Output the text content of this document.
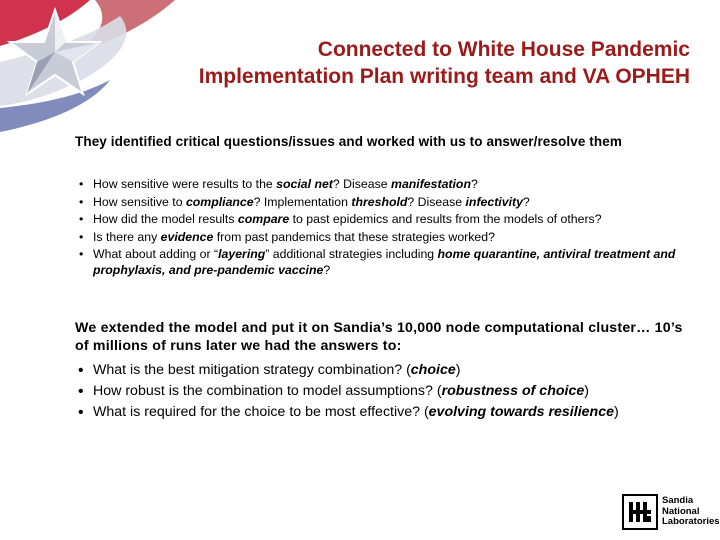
Connected to White House Pandemic
Implementation Plan writing team and VA OPHEH
They identified critical questions/issues and worked with us to answer/resolve them
• How sensitive were results to the social net? Disease manifestation?
• How sensitive to compliance? Implementation threshold? Disease infectivity?
• How did the model results compare to past epidemics and results from the models of others?
• Is there any evidence from past pandemics that these strategies worked?
• What about adding or “layering” additional strategies including home quarantine, antiviral treatment and prophylaxis, and pre-pandemic vaccine?
We extended the model and put it on Sandia’s 10,000 node computational cluster… 10’s of millions of runs later we had the answers to:
• What is the best mitigation strategy combination? (choice)
• How robust is the combination to model assumptions? (robustness of choice)
• What is required for the choice to be most effective? (evolving towards resilience)
Sandia
National
Laboratories
